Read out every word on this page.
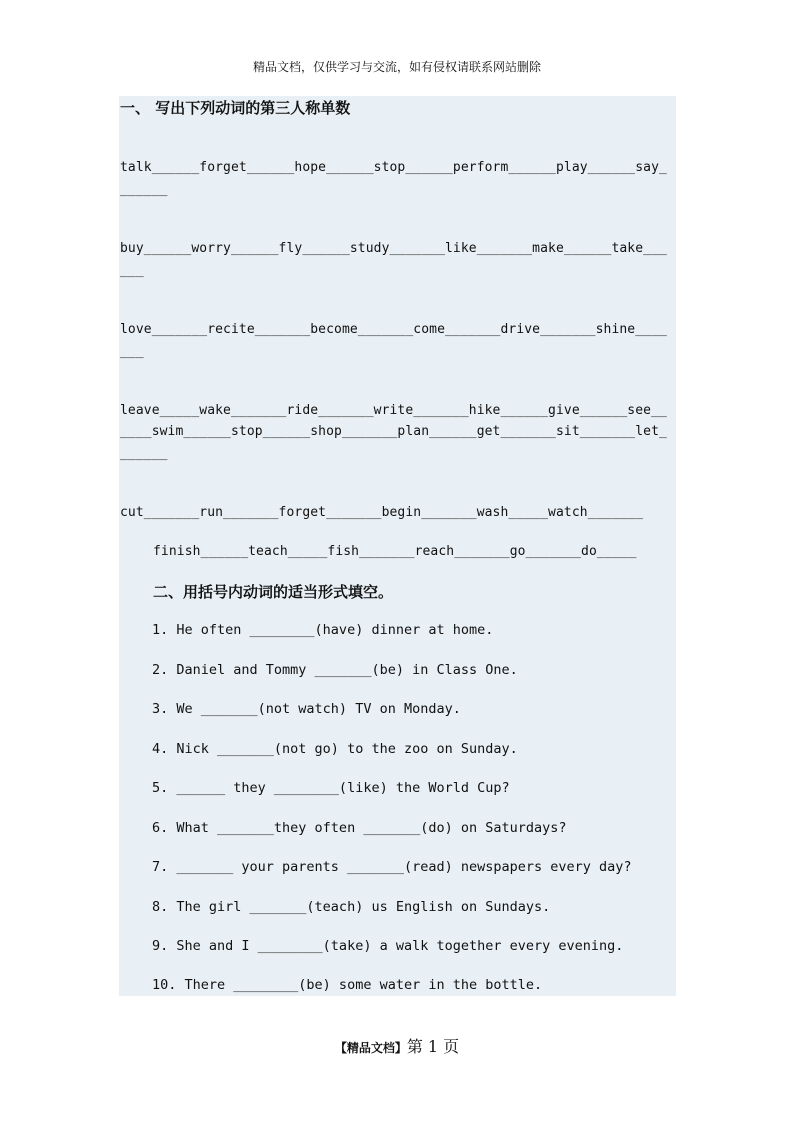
精品文档，仅供学习与交流，如有侵权请联系网站删除
一、 写出下列动词的第三人称单数
talk______forget______hope______stop______perform______play______say_
______
buy______worry______fly______study_______like_______make______take___
___
love_______recite_______become_______come_______drive_______shine____
___
leave_____wake_______ride_______write_______hike______give______see__
____swim______stop______shop_______plan______get_______sit_______let_
______
cut_______run_______forget_______begin_______wash_____watch_______
finish______teach_____fish_______reach_______go_______do_____
二、用括号内动词的适当形式填空。
1. He often ________(have) dinner at home.
2. Daniel and Tommy _______(be) in Class One.
3. We _______(not watch) TV on Monday.
4. Nick _______(not go) to the zoo on Sunday.
5. ______ they ________(like) the World Cup?
6. What _______they often _______(do) on Saturdays?
7. _______ your parents _______(read) newspapers every day?
8. The girl _______(teach) us English on Sundays.
9. She and I ________(take) a walk together every evening.
10. There ________(be) some water in the bottle.
【精品文档】第 1 页
